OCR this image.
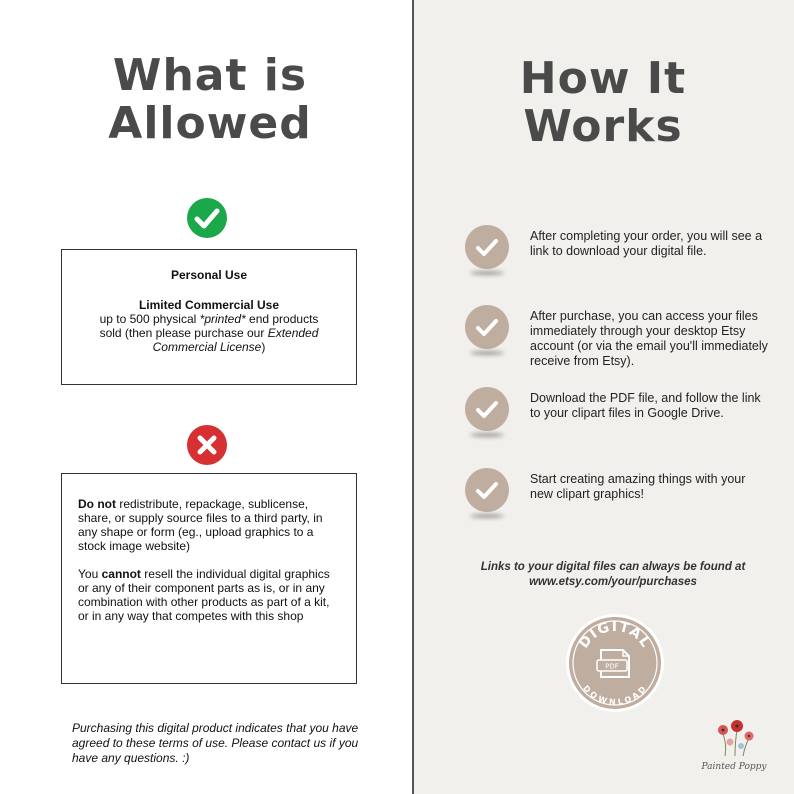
What is
Allowed
Personal Use
Limited Commercial Use
up to 500 physical *printed* end products
sold (then please purchase our Extended
Commercial License)

Do not redistribute, repackage, sublicense, share, or supply source files to a third party, in any shape or form (eg., upload graphics to a stock image website)

You cannot resell the individual digital graphics or any of their component parts as is, or in any combination with other products as part of a kit, or in any way that competes with this shop

Purchasing this digital product indicates that you have agreed to these terms of use. Please contact us if you have any questions. :)
How It
Works
After completing your order, you will see a link to download your digital file.
After purchase, you can access your files immediately through your desktop Etsy account (or via the email you'll immediately receive from Etsy).
Download the PDF file, and follow the link to your clipart files in Google Drive.
Start creating amazing things with your new clipart graphics!
Links to your digital files can always be found at
www.etsy.com/your/purchases
DIGITAL
DOWNLOAD
PDF
Painted Poppy
